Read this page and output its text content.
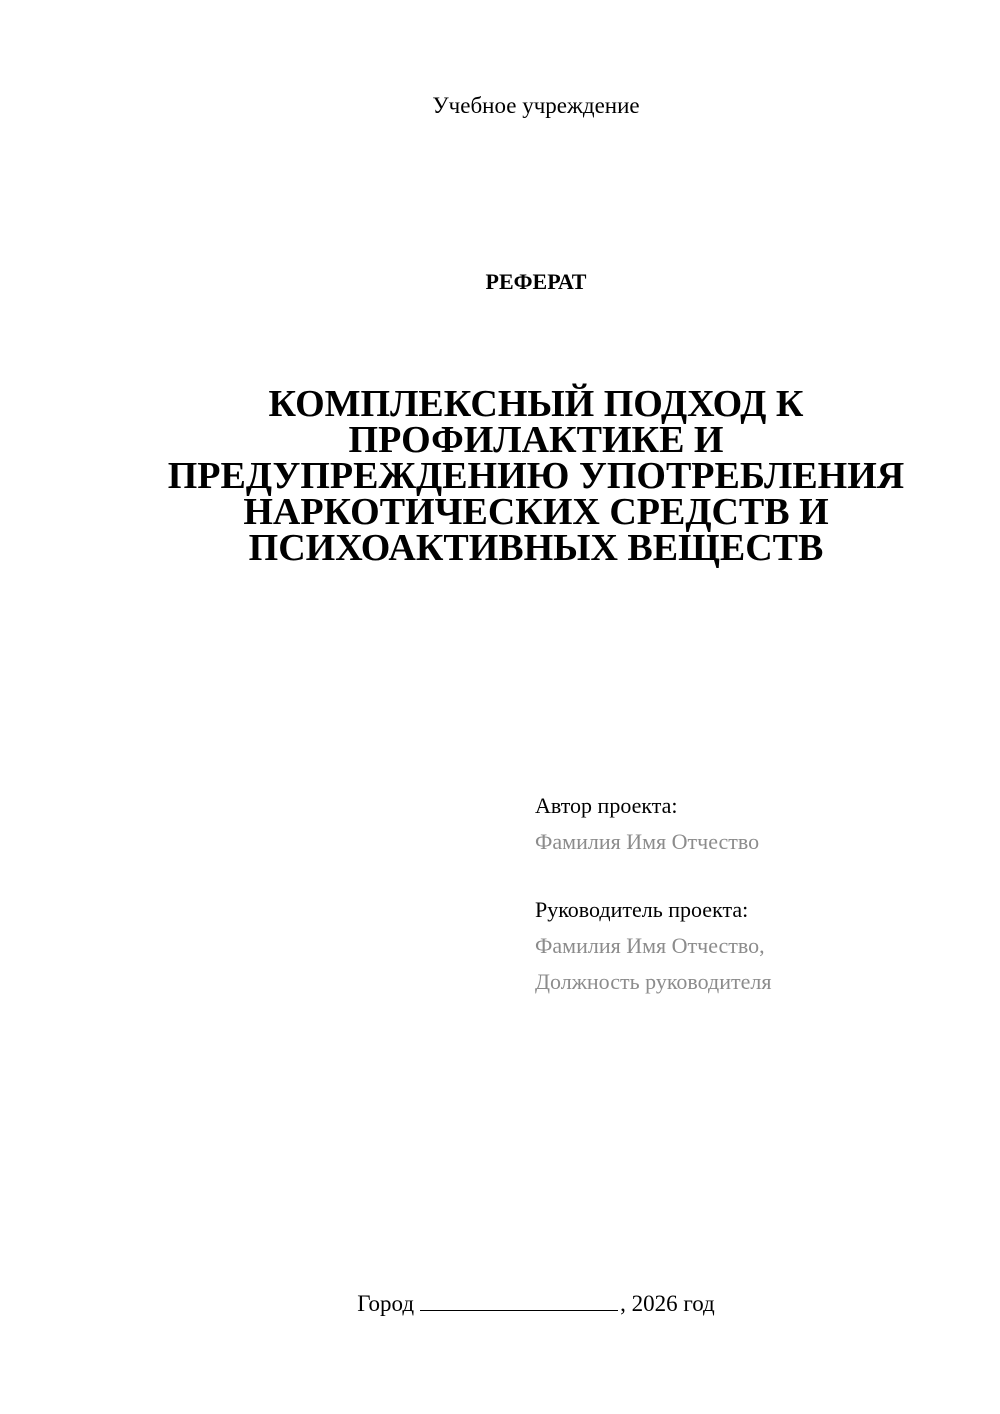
Учебное учреждение
РЕФЕРАТ
КОМПЛЕКСНЫЙ ПОДХОД К
ПРОФИЛАКТИКЕ И
ПРЕДУПРЕЖДЕНИЮ УПОТРЕБЛЕНИЯ
НАРКОТИЧЕСКИХ СРЕДСТВ И
ПСИХОАКТИВНЫХ ВЕЩЕСТВ
Автор проекта:
Фамилия Имя Отчество
Руководитель проекта:
Фамилия Имя Отчество,
Должность руководителя
Город	, 2026 год
